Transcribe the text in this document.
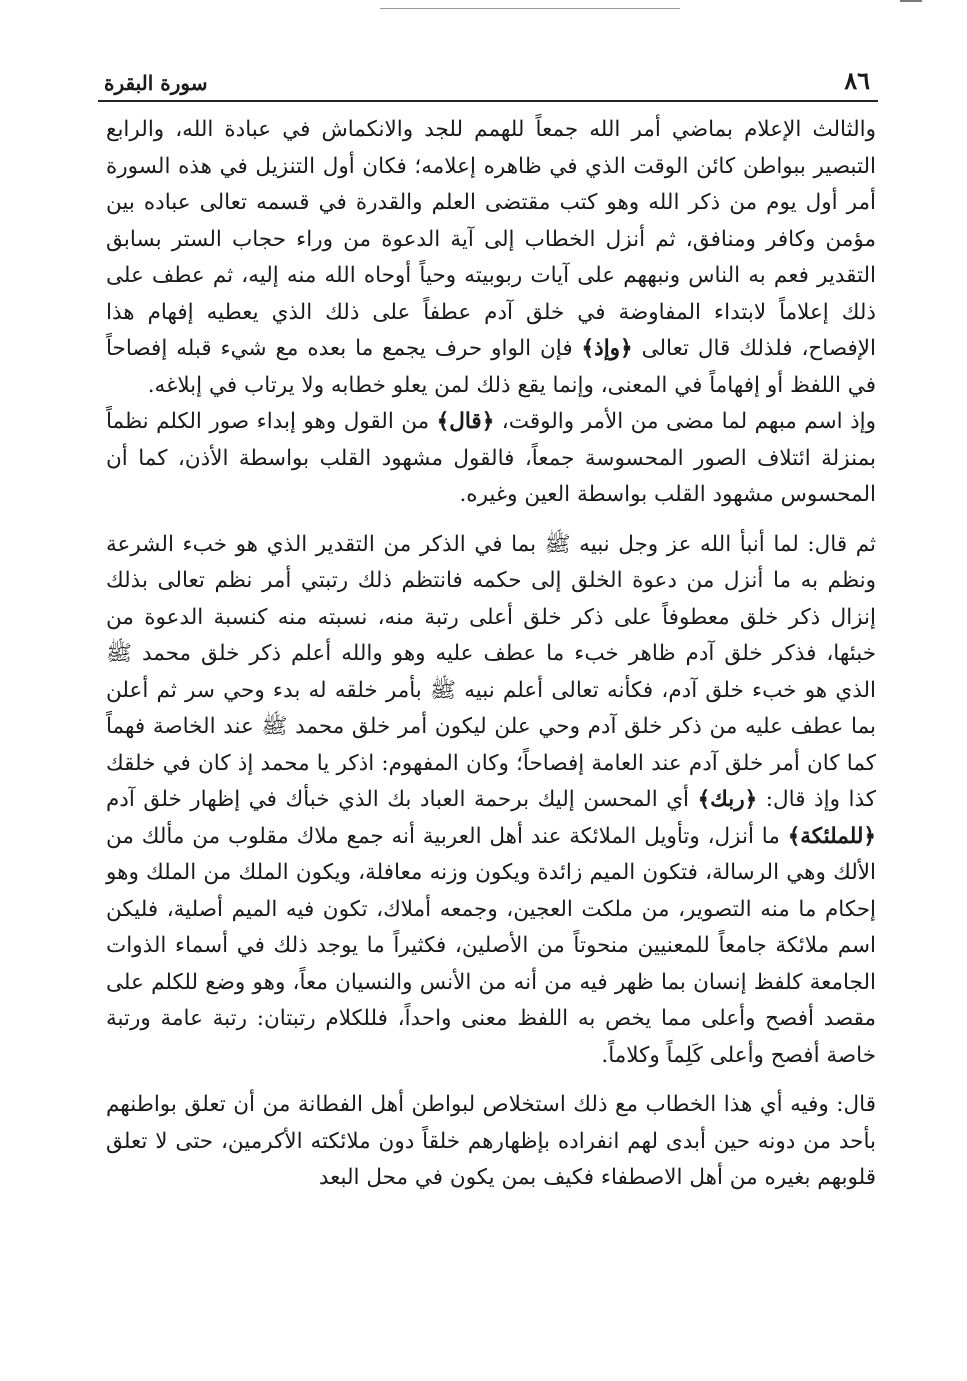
٨٦
سورة البقرة

والثالث الإعلام بماضي أمر الله جمعاً للهمم للجد والانكماش في عبادة الله، والرابع التبصير ببواطن كائن الوقت الذي في ظاهره إعلامه؛ فكان أول التنزيل في هذه السورة أمر أول يوم من ذكر الله وهو كتب مقتضى العلم والقدرة في قسمه تعالى عباده بين مؤمن وكافر ومنافق، ثم أنزل الخطاب إلى آية الدعوة من وراء حجاب الستر بسابق التقدير فعم به الناس ونبههم على آيات ربوبيته وحياً أوحاه الله منه إليه، ثم عطف على ذلك إعلاماً لابتداء المفاوضة في خلق آدم عطفاً على ذلك الذي يعطيه إفهام هذا الإفصاح، فلذلك قال تعالى ﴿وإذ﴾ فإن الواو حرف يجمع ما بعده مع شيء قبله إفصاحاً في اللفظ أو إفهاماً في المعنى، وإنما يقع ذلك لمن يعلو خطابه ولا يرتاب في إبلاغه.

وإذ اسم مبهم لما مضى من الأمر والوقت، ﴿قال﴾ من القول وهو إبداء صور الكلم نظماً بمنزلة ائتلاف الصور المحسوسة جمعاً، فالقول مشهود القلب بواسطة الأذن، كما أن المحسوس مشهود القلب بواسطة العين وغيره.

ثم قال: لما أنبأ الله عز وجل نبيه ﷺ بما في الذكر من التقدير الذي هو خبء الشرعة ونظم به ما أنزل من دعوة الخلق إلى حكمه فانتظم ذلك رتبتي أمر نظم تعالى بذلك إنزال ذكر خلق معطوفاً على ذكر خلق أعلى رتبة منه، نسبته منه كنسبة الدعوة من خبئها، فذكر خلق آدم ظاهر خبء ما عطف عليه وهو والله أعلم ذكر خلق محمد ﷺ الذي هو خبء خلق آدم، فكأنه تعالى أعلم نبيه ﷺ بأمر خلقه له بدء وحي سر ثم أعلن بما عطف عليه من ذكر خلق آدم وحي علن ليكون أمر خلق محمد ﷺ عند الخاصة فهماً كما كان أمر خلق آدم عند العامة إفصاحاً؛ وكان المفهوم: اذكر يا محمد إذ كان في خلقك كذا وإذ قال: ﴿ربك﴾ أي المحسن إليك برحمة العباد بك الذي خبأك في إظهار خلق آدم ﴿للملئكة﴾ ما أنزل، وتأويل الملائكة عند أهل العربية أنه جمع ملاك مقلوب من مألك من الألك وهي الرسالة، فتكون الميم زائدة ويكون وزنه معافلة، ويكون الملك من الملك وهو إحكام ما منه التصوير، من ملكت العجين، وجمعه أملاك، تكون فيه الميم أصلية، فليكن اسم ملائكة جامعاً للمعنيين منحوتاً من الأصلين، فكثيراً ما يوجد ذلك في أسماء الذوات الجامعة كلفظ إنسان بما ظهر فيه من أنه من الأنس والنسيان معاً، وهو وضع للكلم على مقصد أفصح وأعلى مما يخص به اللفظ معنى واحداً، فللكلام رتبتان: رتبة عامة ورتبة خاصة أفصح وأعلى كَلِماً وكلاماً.

قال: وفيه أي هذا الخطاب مع ذلك استخلاص لبواطن أهل الفطانة من أن تعلق بواطنهم بأحد من دونه حين أبدى لهم انفراده بإظهارهم خلقاً دون ملائكته الأكرمين، حتى لا تعلق قلوبهم بغيره من أهل الاصطفاء فكيف بمن يكون في محل البعد
